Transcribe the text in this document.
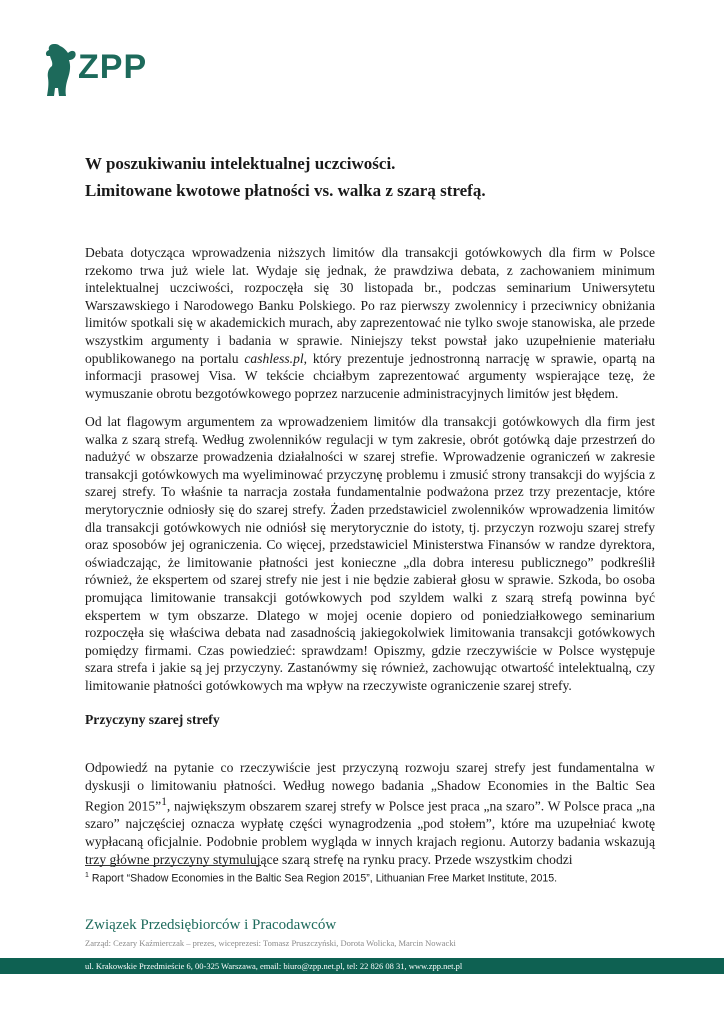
ZPP
W poszukiwaniu intelektualnej uczciwości.
Limitowane kwotowe płatności vs. walka z szarą strefą.

Debata dotycząca wprowadzenia niższych limitów dla transakcji gotówkowych dla firm w Polsce rzekomo trwa już wiele lat. Wydaje się jednak, że prawdziwa debata, z zachowaniem minimum intelektualnej uczciwości, rozpoczęła się 30 listopada br., podczas seminarium Uniwersytetu Warszawskiego i Narodowego Banku Polskiego. Po raz pierwszy zwolennicy i przeciwnicy obniżania limitów spotkali się w akademickich murach, aby zaprezentować nie tylko swoje stanowiska, ale przede wszystkim argumenty i badania w sprawie. Niniejszy tekst powstał jako uzupełnienie materiału opublikowanego na portalu cashless.pl, który prezentuje jednostronną narrację w sprawie, opartą na informacji prasowej Visa. W tekście chciałbym zaprezentować argumenty wspierające tezę, że wymuszanie obrotu bezgotówkowego poprzez narzucenie administracyjnych limitów jest błędem.

Od lat flagowym argumentem za wprowadzeniem limitów dla transakcji gotówkowych dla firm jest walka z szarą strefą. Według zwolenników regulacji w tym zakresie, obrót gotówką daje przestrzeń do nadużyć w obszarze prowadzenia działalności w szarej strefie. Wprowadzenie ograniczeń w zakresie transakcji gotówkowych ma wyeliminować przyczynę problemu i zmusić strony transakcji do wyjścia z szarej strefy. To właśnie ta narracja została fundamentalnie podważona przez trzy prezentacje, które merytorycznie odniosły się do szarej strefy. Żaden przedstawiciel zwolenników wprowadzenia limitów dla transakcji gotówkowych nie odniósł się merytorycznie do istoty, tj. przyczyn rozwoju szarej strefy oraz sposobów jej ograniczenia. Co więcej, przedstawiciel Ministerstwa Finansów w randze dyrektora, oświadczając, że limitowanie płatności jest konieczne „dla dobra interesu publicznego” podkreślił również, że ekspertem od szarej strefy nie jest i nie będzie zabierał głosu w sprawie. Szkoda, bo osoba promująca limitowanie transakcji gotówkowych pod szyldem walki z szarą strefą powinna być ekspertem w tym obszarze. Dlatego w mojej ocenie dopiero od poniedziałkowego seminarium rozpoczęła się właściwa debata nad zasadnością jakiegokolwiek limitowania transakcji gotówkowych pomiędzy firmami. Czas powiedzieć: sprawdzam! Opiszmy, gdzie rzeczywiście w Polsce występuje szara strefa i jakie są jej przyczyny. Zastanówmy się również, zachowując otwartość intelektualną, czy limitowanie płatności gotówkowych ma wpływ na rzeczywiste ograniczenie szarej strefy.

Przyczyny szarej strefy

Odpowiedź na pytanie co rzeczywiście jest przyczyną rozwoju szarej strefy jest fundamentalna w dyskusji o limitowaniu płatności. Według nowego badania „Shadow Economies in the Baltic Sea Region 2015”$^1$, największym obszarem szarej strefy w Polsce jest praca „na szaro”. W Polsce praca „na szaro” najczęściej oznacza wypłatę części wynagrodzenia „pod stołem”, które ma uzupełniać kwotę wypłacaną oficjalnie. Podobnie problem wygląda w innych krajach regionu. Autorzy badania wskazują trzy główne przyczyny stymulujące szarą strefę na rynku pracy. Przede wszystkim chodzi

$^1$ Raport “Shadow Economies in the Baltic Sea Region 2015”, Lithuanian Free Market Institute, 2015.
Związek Przedsiębiorców i Pracodawców
Zarząd: Cezary Kaźmierczak – prezes, wiceprezesi: Tomasz Pruszczyński, Dorota Wolicka, Marcin Nowacki
ul. Krakowskie Przedmieście 6, 00-325 Warszawa, email: biuro@zpp.net.pl, tel: 22 826 08 31, www.zpp.net.pl
